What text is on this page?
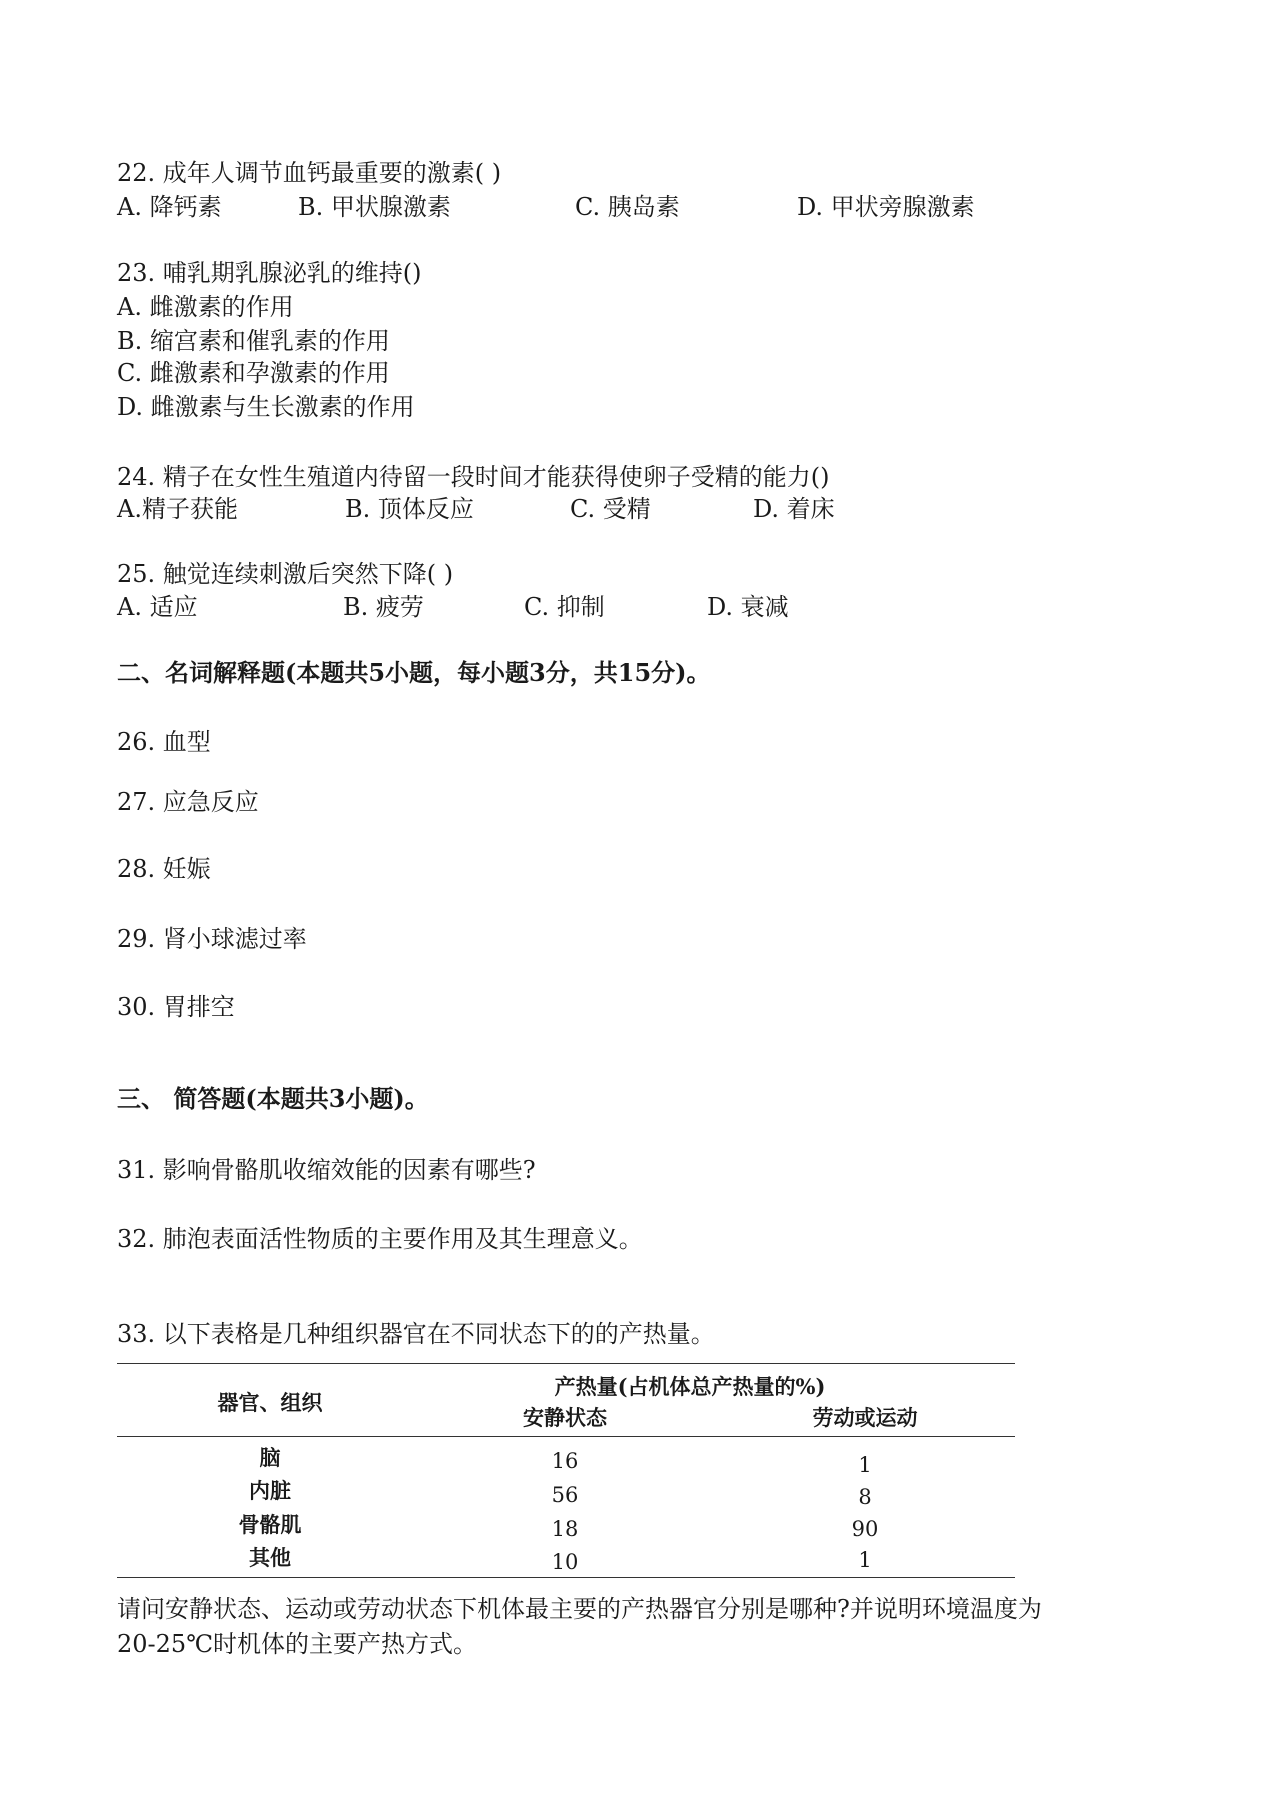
22. 成年人调节血钙最重要的激素( )
A. 降钙素	B. 甲状腺激素	C. 胰岛素	D. 甲状旁腺激素
23. 哺乳期乳腺泌乳的维持()
A. 雌激素的作用
B. 缩宫素和催乳素的作用
C. 雌激素和孕激素的作用
D. 雌激素与生长激素的作用
24. 精子在女性生殖道内待留一段时间才能获得使卵子受精的能力()
A.精子获能	B. 顶体反应	C. 受精	D. 着床
25. 触觉连续刺激后突然下降( )
A. 适应	B. 疲劳	C. 抑制	D. 衰减
二、名词解释题(本题共5小题，每小题3分，共15分)。
26. 血型
27. 应急反应
28. 妊娠
29. 肾小球滤过率
30. 胃排空
三、 简答题(本题共3小题)。
31. 影响骨骼肌收缩效能的因素有哪些?
32. 肺泡表面活性物质的主要作用及其生理意义。
33. 以下表格是几种组织器官在不同状态下的的产热量。
器官、组织
产热量(占机体总产热量的%)
安静状态	劳动或运动
脑	16	1
内脏	56	8
骨骼肌	18	90
其他	10	1
请问安静状态、运动或劳动状态下机体最主要的产热器官分别是哪种?并说明环境温度为
20-25℃时机体的主要产热方式。
